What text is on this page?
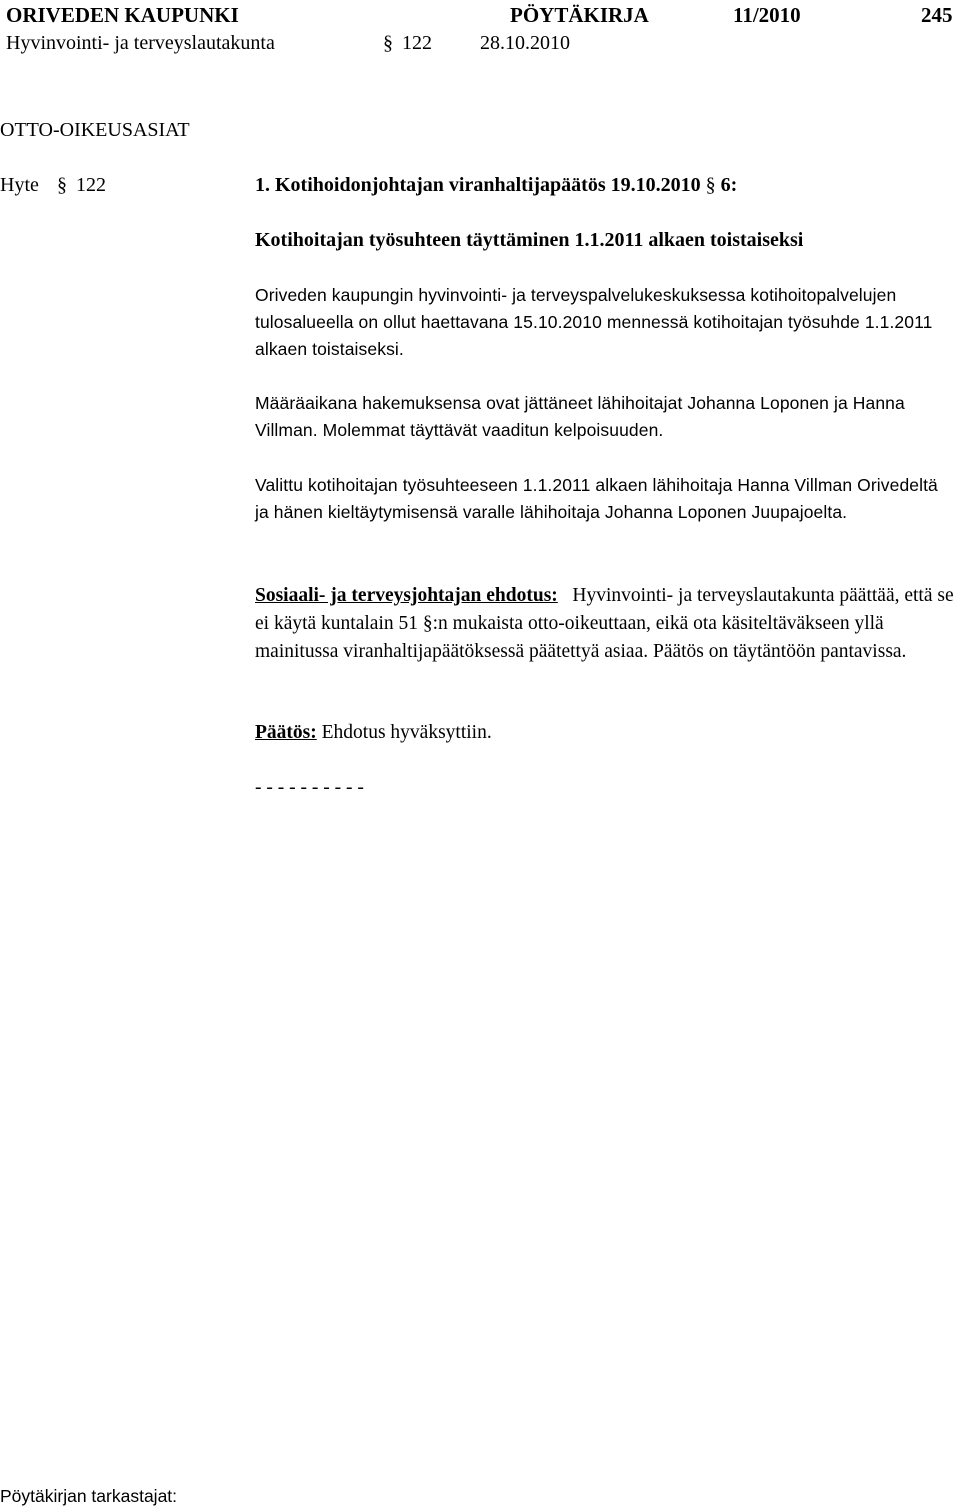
ORIVEDEN KAUPUNKI	PÖYTÄKIRJA	11/2010	245
Hyvinvointi- ja terveyslautakunta	§ 122 28.10.2010
OTTO-OIKEUSASIAT
Hyte § 122	1. Kotihoidonjohtajan viranhaltijapäätös 19.10.2010 § 6:
Kotihoitajan työsuhteen täyttäminen 1.1.2011 alkaen toistaiseksi
Oriveden kaupungin hyvinvointi- ja terveyspalvelukeskuksessa kotihoitopalvelujen tulosalueella on ollut haettavana 15.10.2010 mennessä kotihoitajan työsuhde 1.1.2011 alkaen toistaiseksi.
Määräaikana hakemuksensa ovat jättäneet lähihoitajat Johanna Loponen ja Hanna Villman. Molemmat täyttävät vaaditun kelpoisuuden.
Valittu kotihoitajan työsuhteeseen 1.1.2011 alkaen lähihoitaja Hanna Villman Orivedeltä ja hänen kieltäytymisensä varalle lähihoitaja Johanna Loponen Juupajoelta.
Sosiaali- ja terveysjohtajan ehdotus: Hyvinvointi- ja terveyslautakunta päättää, että se ei käytä kuntalain 51 §:n mukaista otto-oikeuttaan, eikä ota käsiteltäväkseen yllä mainitussa viranhaltijapäätöksessä päätettyä asiaa. Päätös on täytäntöön pantavissa.
Päätös: Ehdotus hyväksyttiin.
- - - - - - - - - -
Pöytäkirjan tarkastajat:
